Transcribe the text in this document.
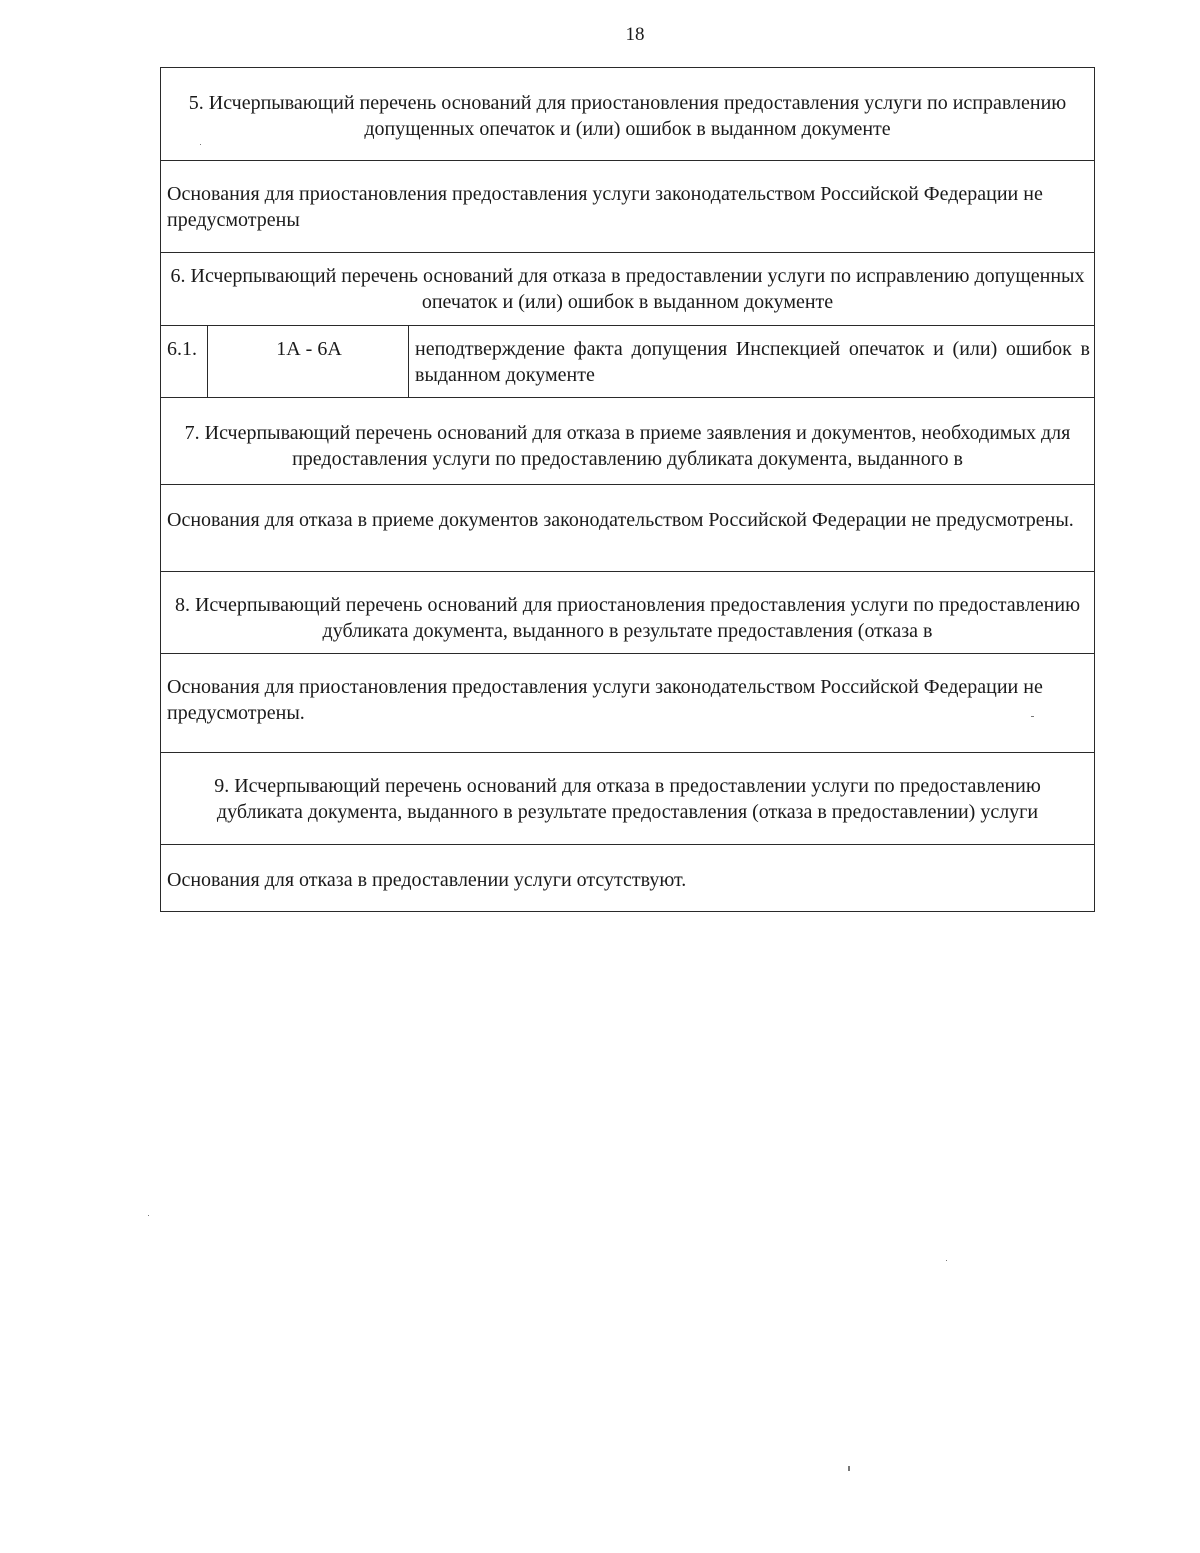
18
5. Исчерпывающий перечень оснований для приостановления предоставления услуги по исправлению допущенных опечаток и (или) ошибок в выданном документе
Основания для приостановления предоставления услуги законодательством Российской Федерации не предусмотрены
6. Исчерпывающий перечень оснований для отказа в предоставлении услуги по исправлению допущенных опечаток и (или) ошибок в выданном документе
6.1.	1А - 6А	неподтверждение факта допущения Инспекцией опечаток и (или) ошибок в выданном документе
7. Исчерпывающий перечень оснований для отказа в приеме заявления и документов, необходимых для предоставления услуги по предоставлению дубликата документа, выданного в
Основания для отказа в приеме документов законодательством Российской Федерации не предусмотрены.
8. Исчерпывающий перечень оснований для приостановления предоставления услуги по предоставлению дубликата документа, выданного в результате предоставления (отказа в
Основания для приостановления предоставления услуги законодательством Российской Федерации не предусмотрены.
9. Исчерпывающий перечень оснований для отказа в предоставлении услуги по предоставлению дубликата документа, выданного в результате предоставления (отказа в предоставлении) услуги
Основания для отказа в предоставлении услуги отсутствуют.
